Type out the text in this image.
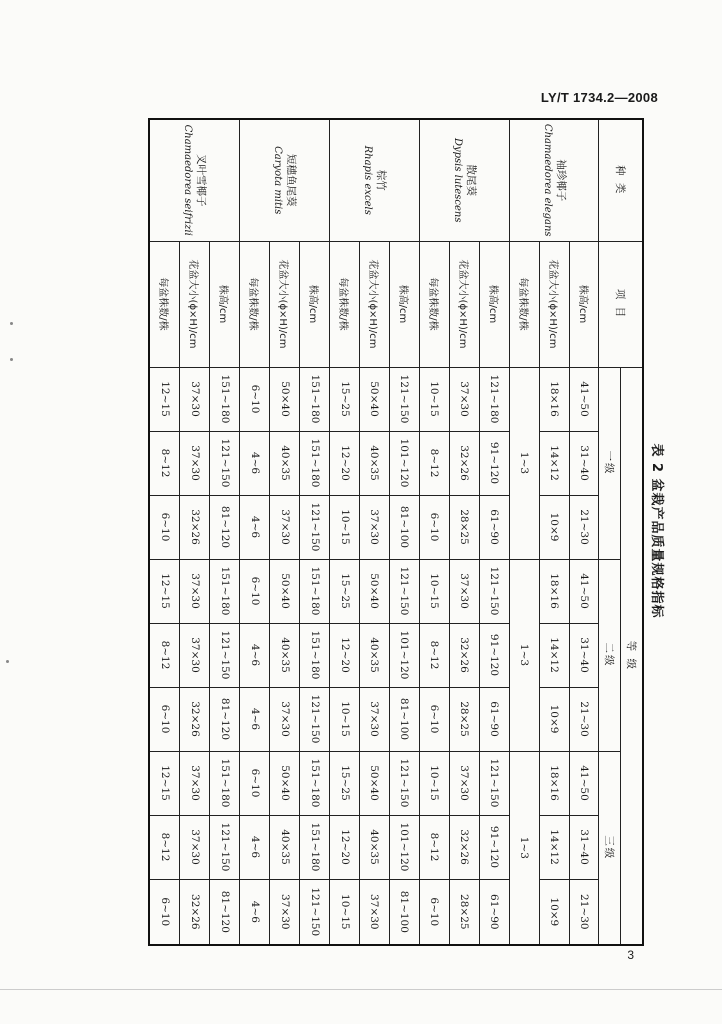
LY/T 1734.2—2008
表 2 盆栽产品质量规格指标
种 类	项 目	等 级								
		一级			二级			三级		

袖珍椰子
Chamaedorea elegans	株高/cm	41~50	31~40	21~30	41~50	31~40	21~30	41~50	31~40	21~30
	花盆大小(ϕ×H)/cm	18×16	14×12	10×9	18×16	14×12	10×9	18×16	14×12	10×9
	每盆株数/株	1~3			1~3			1~3		

散尾葵
Dypsis lutescens	株高/cm	121~180	91~120	61~90	121~150	91~120	61~90	121~150	91~120	61~90
	花盆大小(ϕ×H)/cm	37×30	32×26	28×25	37×30	32×26	28×25	37×30	32×26	28×25
	每盆株数/株	10~15	8~12	6~10	10~15	8~12	6~10	10~15	8~12	6~10

棕竹
Rhapis excels	株高/cm	121~150	101~120	81~100	121~150	101~120	81~100	121~150	101~120	81~100
	花盆大小(ϕ×H)/cm	50×40	40×35	37×30	50×40	40×35	37×30	50×40	40×35	37×30
	每盆株数/株	15~25	12~20	10~15	15~25	12~20	10~15	15~25	12~20	10~15

短穗鱼尾葵
Caryota mitis	株高/cm	151~180	151~180	121~150	151~180	151~180	121~150	151~180	151~180	121~150
	花盆大小(ϕ×H)/cm	50×40	40×35	37×30	50×40	40×35	37×30	50×40	40×35	37×30
	每盆株数/株	6~10	4~6	4~6	6~10	4~6	4~6	6~10	4~6	4~6

叉叶雪椰子
Chamaedorea seifrizii	株高/cm	151~180	121~150	81~120	151~180	121~150	81~120	151~180	121~150	81~120
	花盆大小(ϕ×H)/cm	37×30	37×30	32×26	37×30	37×30	32×26	37×30	37×30	32×26
	每盆株数/株	12~15	8~12	6~10	12~15	8~12	6~10	12~15	8~12	6~10
3
